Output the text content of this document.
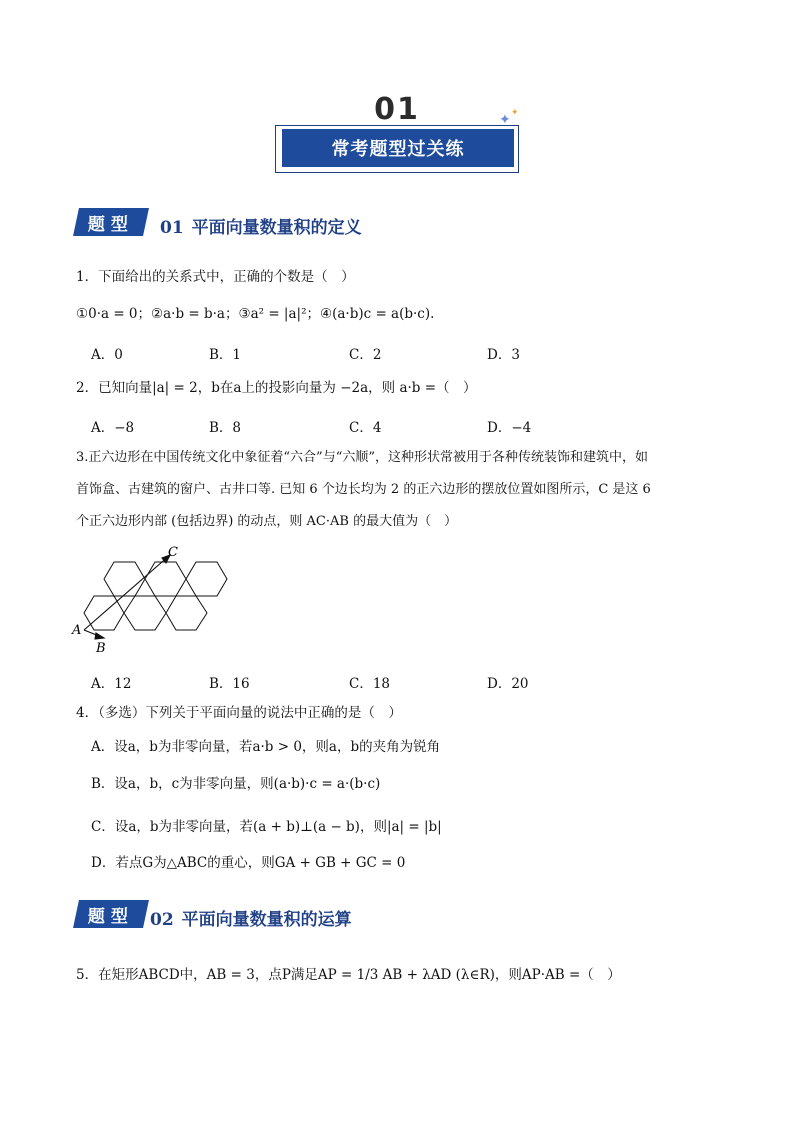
01	✦ ✦
常考题型过关练
题型 01 平面向量数量积的定义
1．下面给出的关系式中，正确的个数是（　）
①0·a = 0；②a·b = b·a；③a² = |a|²；④(a·b)c = a(b·c).
A．0	B．1	C．2	D．3
2．已知向量|a| = 2，b在a上的投影向量为 −2a，则 a·b =（　）
A．−8	B．8	C．4	D．−4
3.正六边形在中国传统文化中象征着“六合”与“六顺”，这种形状常被用于各种传统装饰和建筑中，如
首饰盒、古建筑的窗户、古井口等. 已知 6 个边长均为 2 的正六边形的摆放位置如图所示，C 是这 6
个正六边形内部 (包括边界) 的动点，则 AC·AB 的最大值为（　）
A
B
C
A．12	B．16	C．18	D．20
4．（多选）下列关于平面向量的说法中正确的是（　）
A．设a，b为非零向量，若a·b > 0，则a，b的夹角为锐角
B．设a，b，c为非零向量，则(a·b)·c = a·(b·c)
C．设a，b为非零向量，若(a + b)⊥(a − b)，则|a| = |b|
D．若点G为△ABC的重心，则GA + GB + GC = 0
题型 02 平面向量数量积的运算
5．在矩形ABCD中，AB = 3，点P满足AP = 1/3 AB + λAD (λ∈R)，则AP·AB =（　）
